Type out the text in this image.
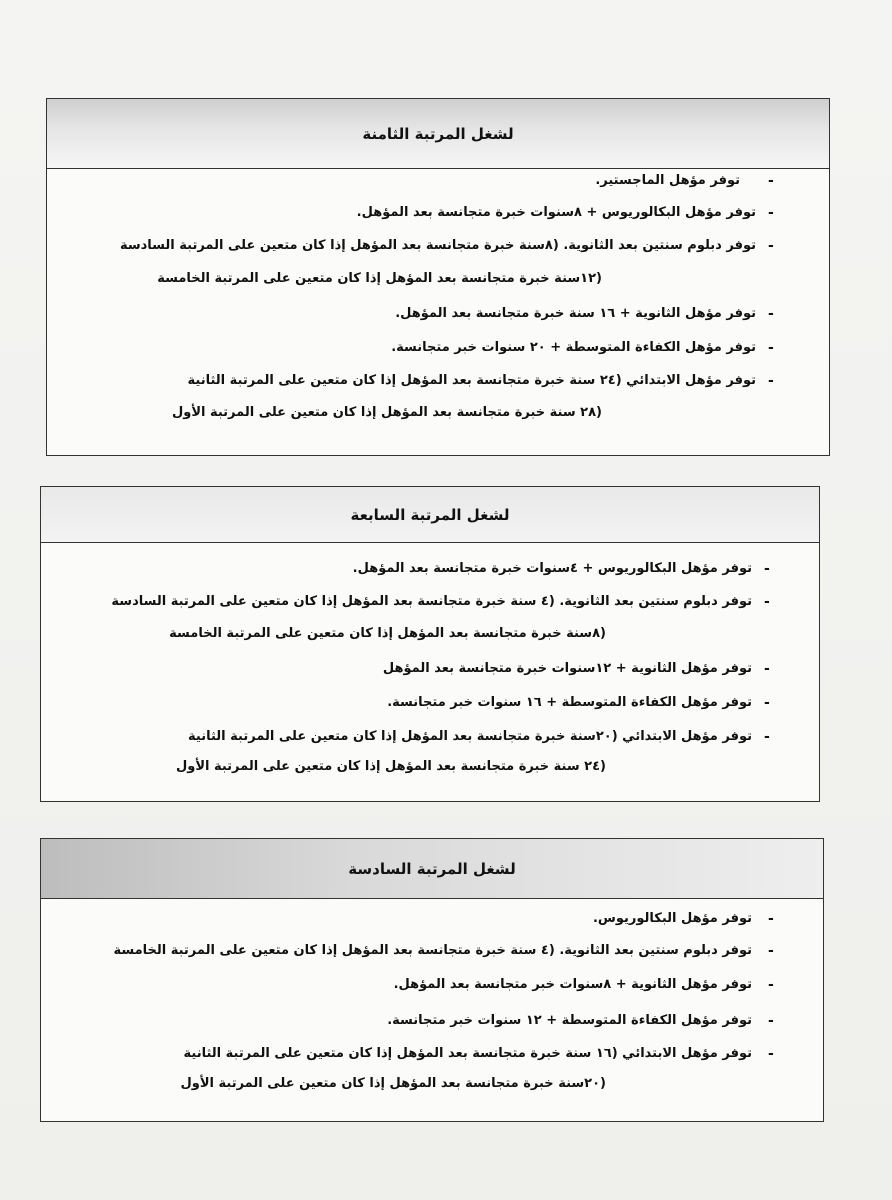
لشغل المرتبة الثامنة
-
توفر مؤهل الماجستير.
-
توفر مؤهل البكالوريوس + ٨سنوات خبرة متجانسة بعد المؤهل.
-
توفر دبلوم سنتين بعد الثانوية. (٨سنة خبرة متجانسة بعد المؤهل إذا كان متعين على المرتبة السادسة
(١٢سنة خبرة متجانسة بعد المؤهل إذا كان متعين على المرتبة الخامسة
-
توفر مؤهل الثانوية + ١٦ سنة خبرة متجانسة بعد المؤهل.
-
توفر مؤهل الكفاءة المتوسطة + ٢٠ سنوات خبر متجانسة.
-
توفر مؤهل الابتدائي (٢٤ سنة خبرة متجانسة بعد المؤهل إذا كان متعين على المرتبة الثانية
(٢٨ سنة خبرة متجانسة بعد المؤهل إذا كان متعين على المرتبة الأول
لشغل المرتبة السابعة
-
توفر مؤهل البكالوريوس + ٤سنوات خبرة متجانسة بعد المؤهل.
-
توفر دبلوم سنتين بعد الثانوية. (٤ سنة خبرة متجانسة بعد المؤهل إذا كان متعين على المرتبة السادسة
(٨سنة خبرة متجانسة بعد المؤهل إذا كان متعين على المرتبة الخامسة
-
توفر مؤهل الثانوية + ١٢سنوات خبرة متجانسة بعد المؤهل
-
توفر مؤهل الكفاءة المتوسطة + ١٦ سنوات خبر متجانسة.
-
توفر مؤهل الابتدائي (٢٠سنة خبرة متجانسة بعد المؤهل إذا كان متعين على المرتبة الثانية
(٢٤ سنة خبرة متجانسة بعد المؤهل إذا كان متعين على المرتبة الأول
لشغل المرتبة السادسة
-
توفر مؤهل البكالوريوس.
-
توفر دبلوم سنتين بعد الثانوية. (٤ سنة خبرة متجانسة بعد المؤهل إذا كان متعين على المرتبة الخامسة
-
توفر مؤهل الثانوية + ٨سنوات خبر متجانسة بعد المؤهل.
-
توفر مؤهل الكفاءة المتوسطة + ١٢ سنوات خبر متجانسة.
-
توفر مؤهل الابتدائي (١٦ سنة خبرة متجانسة بعد المؤهل إذا كان متعين على المرتبة الثانية
(٢٠سنة خبرة متجانسة بعد المؤهل إذا كان متعين على المرتبة الأول
